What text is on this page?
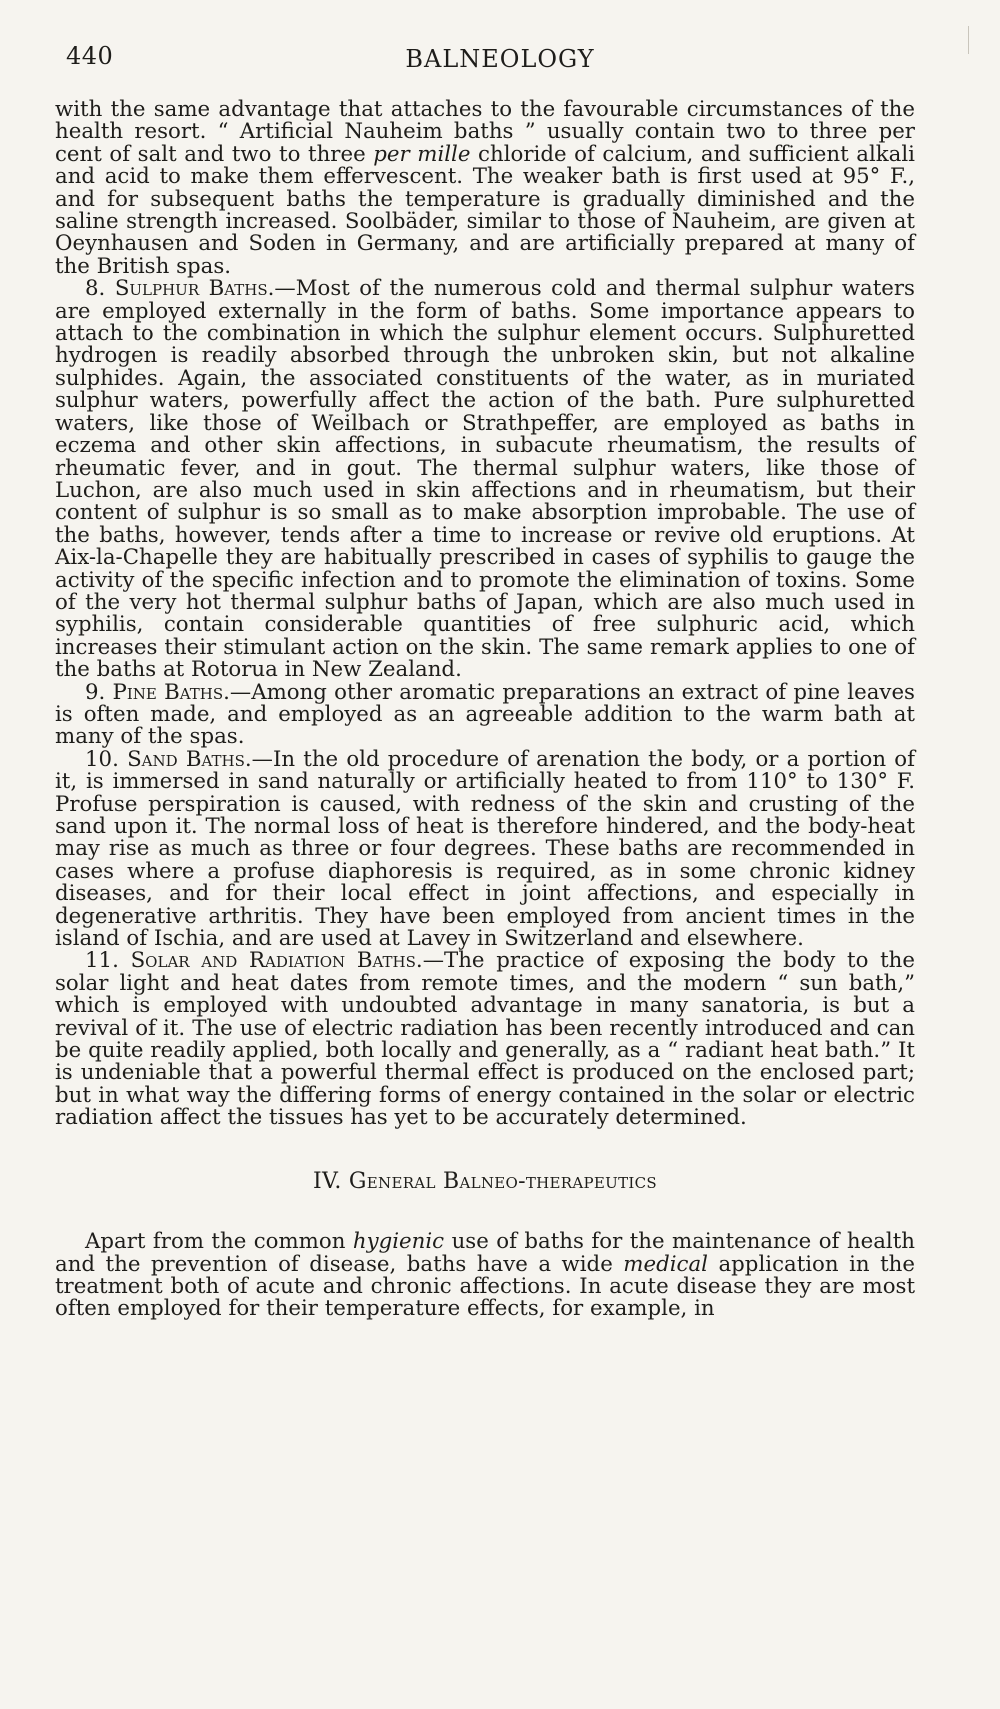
440	BALNEOLOGY

with the same advantage that attaches to the favourable circumstances of the health resort. “ Artificial Nauheim baths ” usually contain two to three per cent of salt and two to three per mille chloride of calcium, and sufficient alkali and acid to make them effervescent. The weaker bath is first used at 95° F., and for subsequent baths the temperature is gradually diminished and the saline strength increased. Soolbäder, similar to those of Nauheim, are given at Oeynhausen and Soden in Germany, and are artificially prepared at many of the British spas.

8. Sulphur Baths.—Most of the numerous cold and thermal sulphur waters are employed externally in the form of baths. Some importance appears to attach to the combination in which the sulphur element occurs. Sulphuretted hydrogen is readily absorbed through the unbroken skin, but not alkaline sulphides. Again, the associated constituents of the water, as in muriated sulphur waters, powerfully affect the action of the bath. Pure sulphuretted waters, like those of Weilbach or Strathpeffer, are employed as baths in eczema and other skin affections, in subacute rheumatism, the results of rheumatic fever, and in gout. The thermal sulphur waters, like those of Luchon, are also much used in skin affections and in rheumatism, but their content of sulphur is so small as to make absorption improbable. The use of the baths, however, tends after a time to increase or revive old eruptions. At Aix-la-Chapelle they are habitually prescribed in cases of syphilis to gauge the activity of the specific infection and to promote the elimination of toxins. Some of the very hot thermal sulphur baths of Japan, which are also much used in syphilis, contain considerable quantities of free sulphuric acid, which increases their stimulant action on the skin. The same remark applies to one of the baths at Rotorua in New Zealand.

9. Pine Baths.—Among other aromatic preparations an extract of pine leaves is often made, and employed as an agreeable addition to the warm bath at many of the spas.

10. Sand Baths.—In the old procedure of arenation the body, or a portion of it, is immersed in sand naturally or artificially heated to from 110° to 130° F. Profuse perspiration is caused, with redness of the skin and crusting of the sand upon it. The normal loss of heat is therefore hindered, and the body-heat may rise as much as three or four degrees. These baths are recommended in cases where a profuse diaphoresis is required, as in some chronic kidney diseases, and for their local effect in joint affections, and especially in degenerative arthritis. They have been employed from ancient times in the island of Ischia, and are used at Lavey in Switzerland and elsewhere.

11. Solar and Radiation Baths.—The practice of exposing the body to the solar light and heat dates from remote times, and the modern “ sun bath,” which is employed with undoubted advantage in many sanatoria, is but a revival of it. The use of electric radiation has been recently introduced and can be quite readily applied, both locally and generally, as a “ radiant heat bath.” It is undeniable that a powerful thermal effect is produced on the enclosed part; but in what way the differing forms of energy contained in the solar or electric radiation affect the tissues has yet to be accurately determined.

IV. General Balneo-therapeutics

Apart from the common hygienic use of baths for the maintenance of health and the prevention of disease, baths have a wide medical application in the treatment both of acute and chronic affections. In acute disease they are most often employed for their temperature effects, for example, in
